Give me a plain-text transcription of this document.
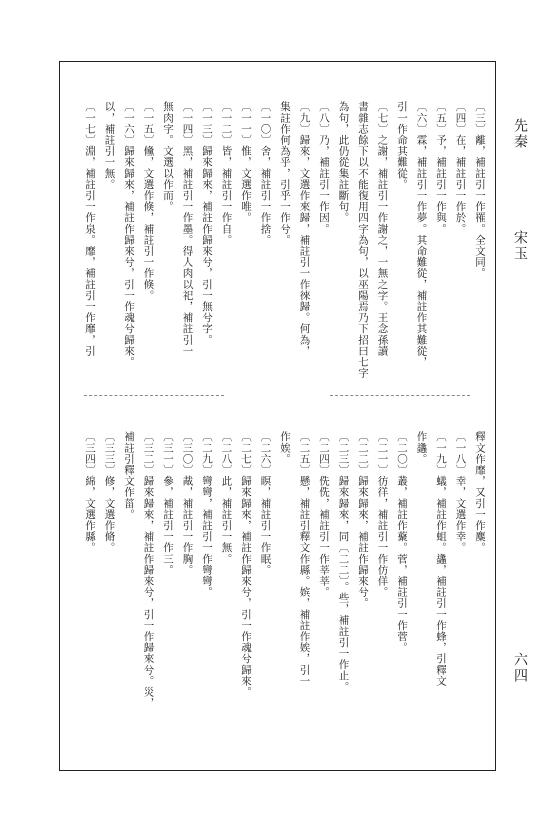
先秦
宋玉
六四
〔三〕離，補註引一作罹。全文同。
〔四〕在，補註引一作於。
〔五〕予，補註引一作與。
〔六〕霖，補註引一作夢。其命難從，補註作其難從，
引一作命其難從。
〔七〕之謝，補註引一作謝之，一無之字。王念孫讀
書雜志餘下以不能復用四字為句，以巫陽焉乃下招曰七字
為句，此仍從集註斷句。
〔八〕乃，補註引一作因。
〔九〕歸來，文選作來歸，補註引一作徠歸。何為，
集註作何為乎，引乎一作兮。
〔一〇〕舍，補註引一作捨。
〔一一〕惟，文選作唯。
〔一二〕皆，補註引一作自。
〔一三〕歸來歸來，補註作歸來兮，引一無兮字。
〔一四〕黑，補註引一作墨。得人肉以祀，補註引一
無肉字。文選以作而。
〔一五〕儵，文選作倏，補註引一作倏。
〔一六〕歸來歸來，補註作歸來兮，引一作魂兮歸來。
以，補註引一無。
〔一七〕淵，補註引一作泉。靡，補註引一作靡，引
釋文作靡，又引一作麋。
〔一八〕幸，文選作幸。
〔一九〕蟻，補註作蛆。蠭，補註引一作蜂，引釋文
作蠭。
〔二〇〕叢，補註作藂。菅，補註引一作菅。
〔二一〕彷徉，補註引一作仿佯。
〔二二〕歸來歸來，補註作歸來兮。
〔二三〕歸來歸來，同〔二二〕。些，補註引一作止。
〔二四〕侁侁，補註引一作莘莘。
〔二五〕懸，補註引釋文作縣。嫔，補註作娭，引一
作娭。
〔二六〕瞑，補註引一作眠。
〔二七〕歸來歸來，補註作歸來兮，引一作魂兮歸來。
〔二八〕此，補註引一無。
〔二九〕彎彎，補註引一作彎彎。
〔三〇〕胾，補註引一作胸。
〔三一〕參，補註引一作三。
〔三二〕歸來歸來，補註作歸來兮，引一作歸來兮。災，
補註引釋文作菑。
〔三三〕修，文選作脩。
〔三四〕綿，文選作縣。
